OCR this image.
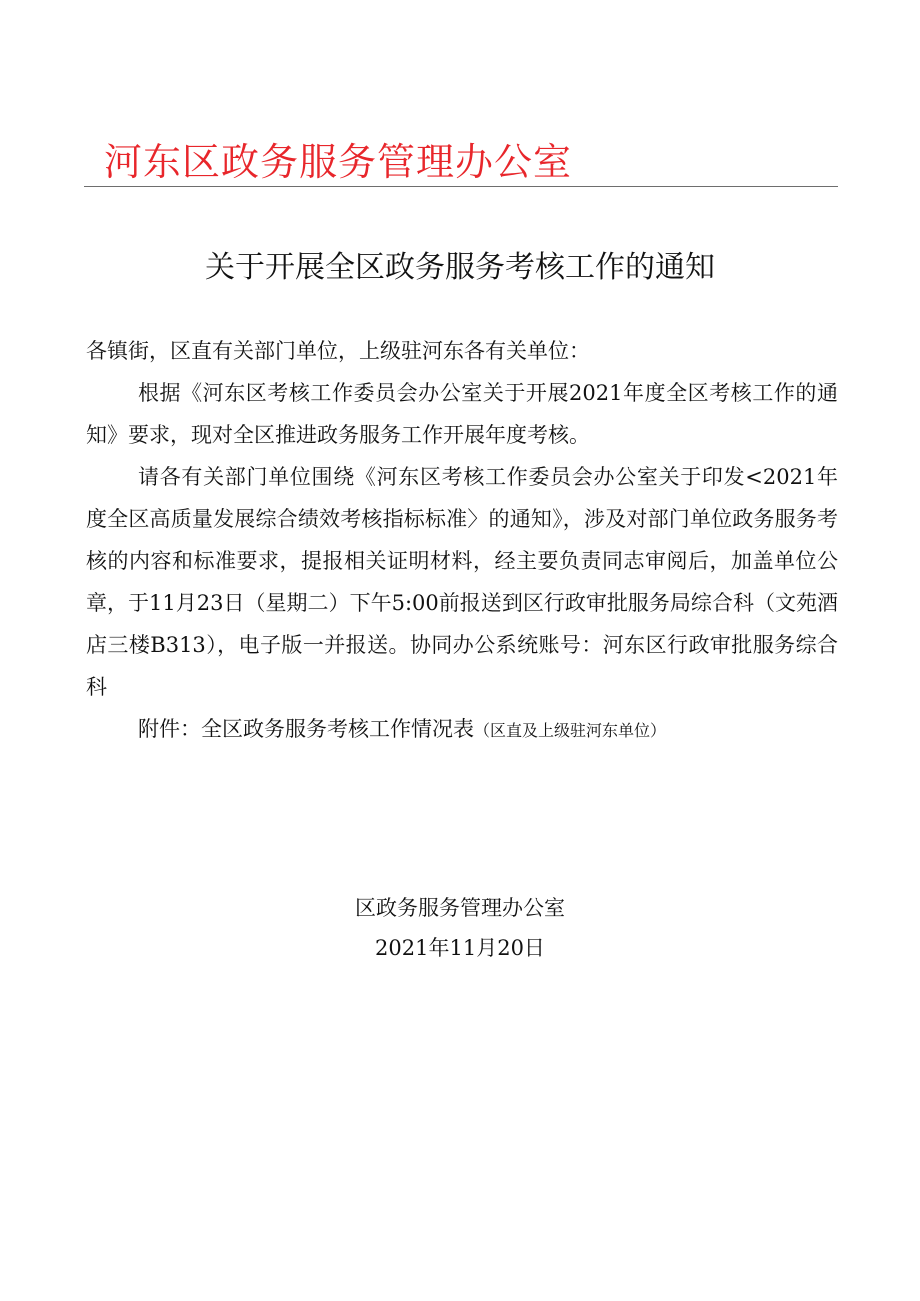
河东区政务服务管理办公室
关于开展全区政务服务考核工作的通知

各镇街，区直有关部门单位，上级驻河东各有关单位：

根据《河东区考核工作委员会办公室关于开展2021年度全区考核工作的通知》要求，现对全区推进政务服务工作开展年度考核。

请各有关部门单位围绕《河东区考核工作委员会办公室关于印发<2021年度全区高质量发展综合绩效考核指标标准〉的通知》，涉及对部门单位政务服务考核的内容和标准要求，提报相关证明材料，经主要负责同志审阅后，加盖单位公章，于11月23日（星期二）下午5:00前报送到区行政审批服务局综合科（文苑酒店三楼B313），电子版一并报送。协同办公系统账号：河东区行政审批服务综合科

附件：全区政务服务考核工作情况表（区直及上级驻河东单位）

区政务服务管理办公室
2021年11月20日
